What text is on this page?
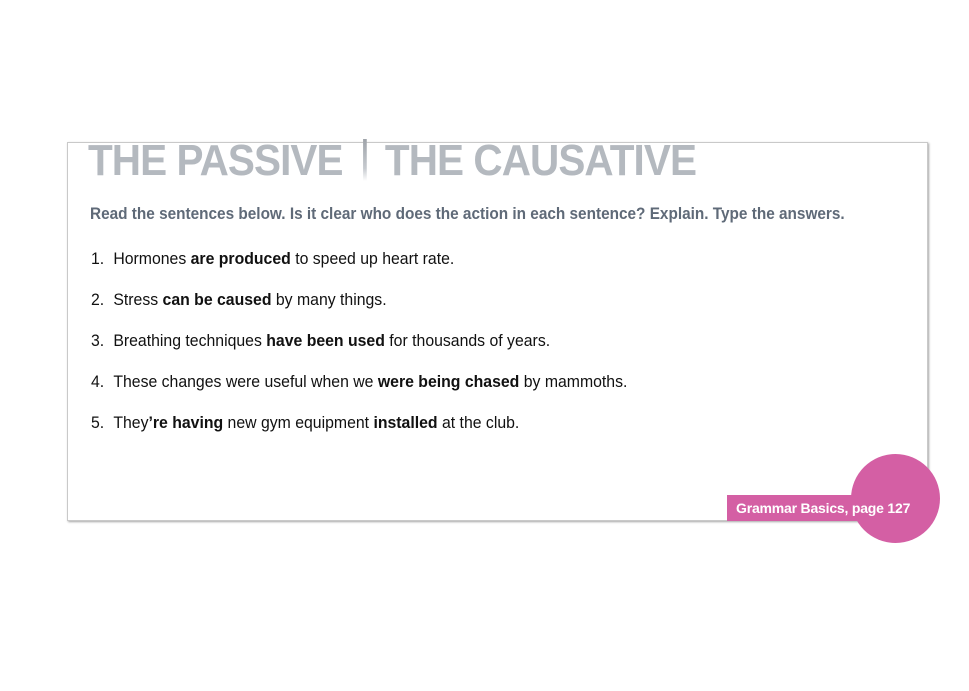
THE PASSIVE THE CAUSATIVE
Read the sentences below. Is it clear who does the action in each sentence? Explain. Type the answers.
1. Hormones are produced to speed up heart rate.
2. Stress can be caused by many things.
3. Breathing techniques have been used for thousands of years.
4. These changes were useful when we were being chased by mammoths.
5. They’re having new gym equipment installed at the club.
Grammar Basics, page 127
